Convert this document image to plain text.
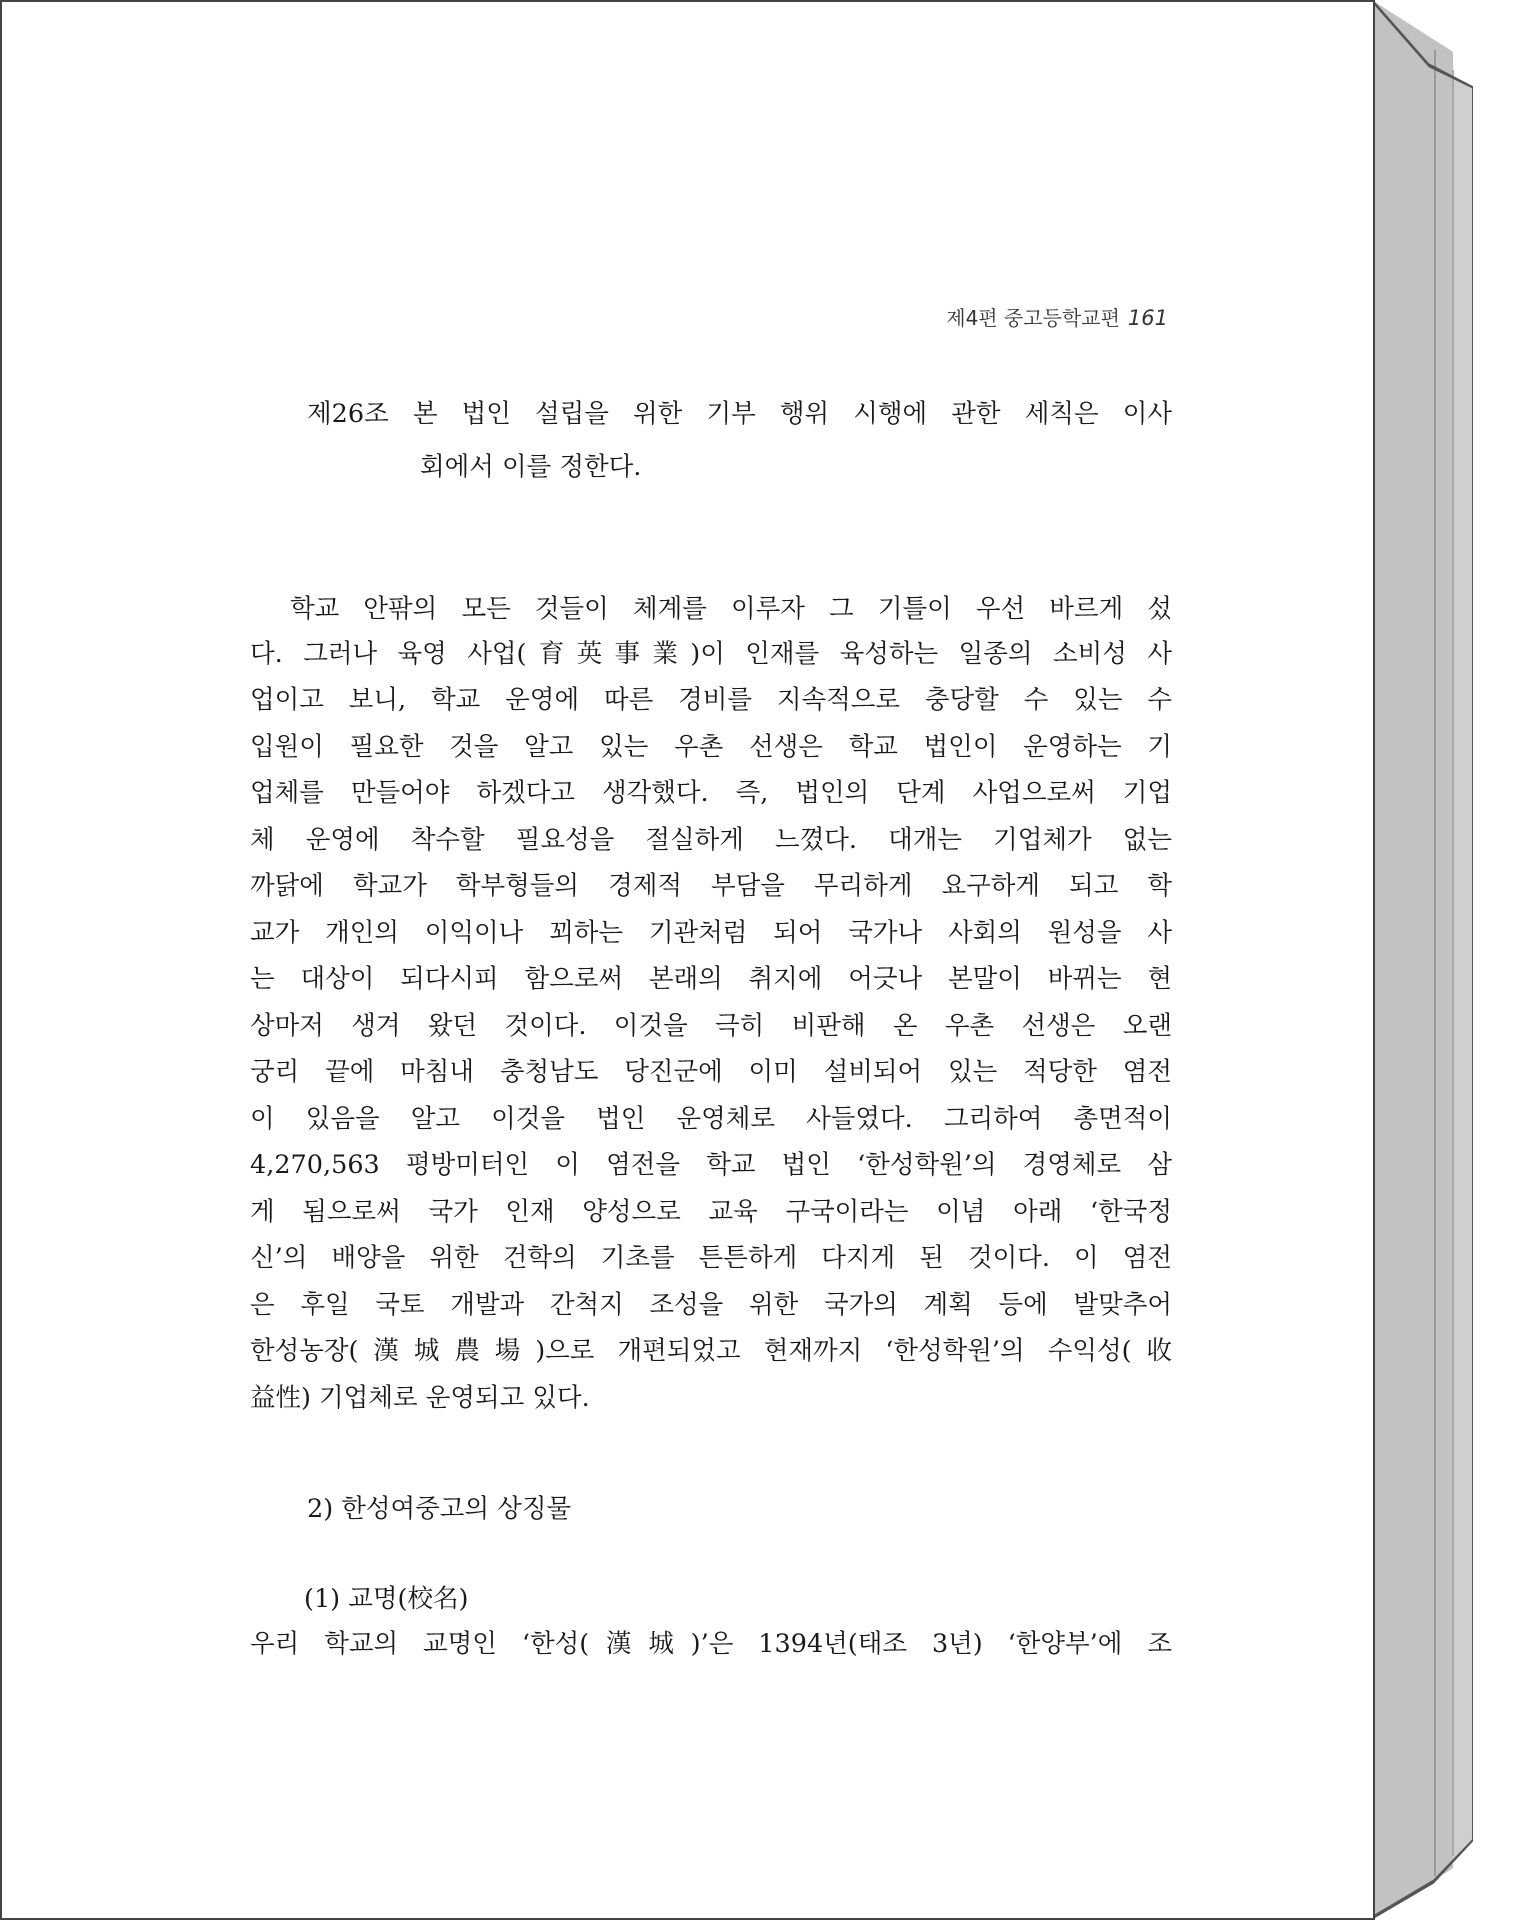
제4편 중고등학교편 161
제26조 본 법인 설립을 위한 기부 행위 시행에 관한 세칙은 이사
회에서 이를 정한다.
학교 안팎의 모든 것들이 체계를 이루자 그 기틀이 우선 바르게 섰
다. 그러나 육영 사업(育英事業)이 인재를 육성하는 일종의 소비성 사
업이고 보니, 학교 운영에 따른 경비를 지속적으로 충당할 수 있는 수
입원이 필요한 것을 알고 있는 우촌 선생은 학교 법인이 운영하는 기
업체를 만들어야 하겠다고 생각했다. 즉, 법인의 단계 사업으로써 기업
체 운영에 착수할 필요성을 절실하게 느꼈다. 대개는 기업체가 없는
까닭에 학교가 학부형들의 경제적 부담을 무리하게 요구하게 되고 학
교가 개인의 이익이나 꾀하는 기관처럼 되어 국가나 사회의 원성을 사
는 대상이 되다시피 함으로써 본래의 취지에 어긋나 본말이 바뀌는 현
상마저 생겨 왔던 것이다. 이것을 극히 비판해 온 우촌 선생은 오랜
궁리 끝에 마침내 충청남도 당진군에 이미 설비되어 있는 적당한 염전
이 있음을 알고 이것을 법인 운영체로 사들였다. 그리하여 총면적이
4,270,563 평방미터인 이 염전을 학교 법인 ‘한성학원’의 경영체로 삼
게 됨으로써 국가 인재 양성으로 교육 구국이라는 이념 아래 ‘한국정
신’의 배양을 위한 건학의 기초를 튼튼하게 다지게 된 것이다. 이 염전
은 후일 국토 개발과 간척지 조성을 위한 국가의 계획 등에 발맞추어
한성농장(漢城農場)으로 개편되었고 현재까지 ‘한성학원’의 수익성(收
益性) 기업체로 운영되고 있다.
2) 한성여중고의 상징물
(1) 교명(校名)
우리 학교의 교명인 ‘한성(漢城)’은 1394년(태조 3년) ‘한양부’에 조
